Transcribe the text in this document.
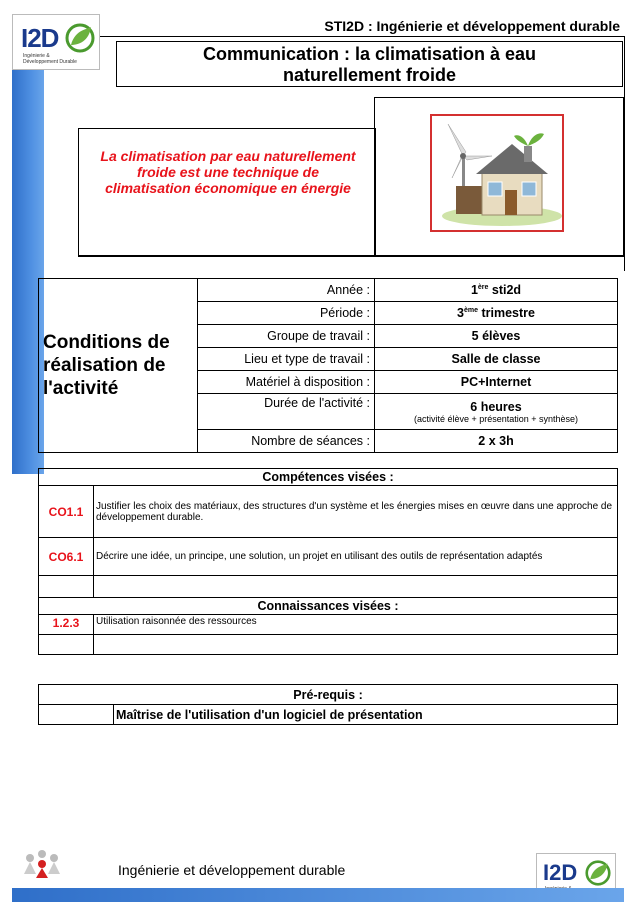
I2D
Ingénierie & Développement Durable
STI2D : Ingénierie et développement durable
Communication : la climatisation à eau
naturellement froide
La climatisation par eau naturellement froide est une technique de climatisation économique en énergie
Conditions de réalisation de l'activité	Année :	1ère sti2d
	Période :	3ème trimestre
	Groupe de travail :	5 élèves
	Lieu et type de travail :	Salle de classe
	Matériel à disposition :	PC+Internet
	Durée de l'activité :	6 heures
(activité élève + présentation + synthèse)

	Nombre de séances :	2 x 3h
Compétences visées :	
CO1.1	Justifier les choix des matériaux, des structures d'un système et les énergies mises en œuvre dans une approche de développement durable.
CO6.1	Décrire une idée, un principe, une solution, un projet en utilisant des outils de représentation adaptés

Connaissances visées :	
1.2.3	Utilisation raisonnée des ressources

Pré-requis :
	Maîtrise de l'utilisation d'un logiciel de présentation
Ingénierie et développement durable	I2D
